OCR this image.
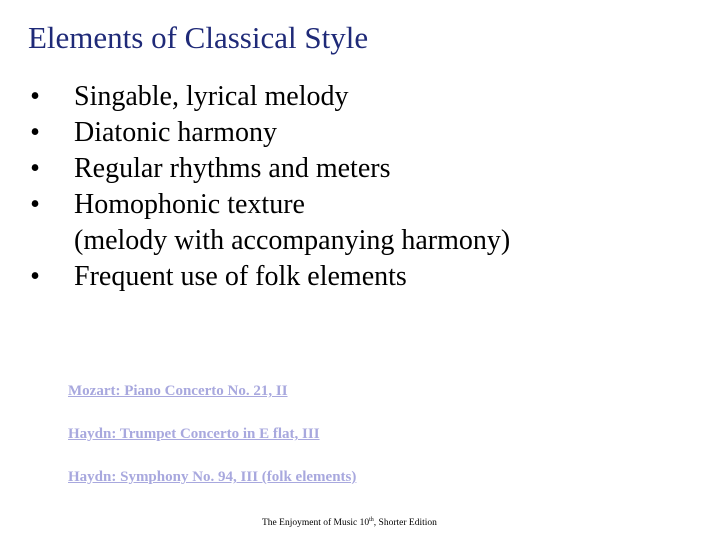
Elements of Classical Style
• Singable, lyrical melody
• Diatonic harmony
• Regular rhythms and meters
• Homophonic texture
(melody with accompanying harmony)
• Frequent use of folk elements
Mozart: Piano Concerto No. 21, II
Haydn: Trumpet Concerto in E flat, III
Haydn: Symphony No. 94, III (folk elements)
The Enjoyment of Music 10th, Shorter Edition
